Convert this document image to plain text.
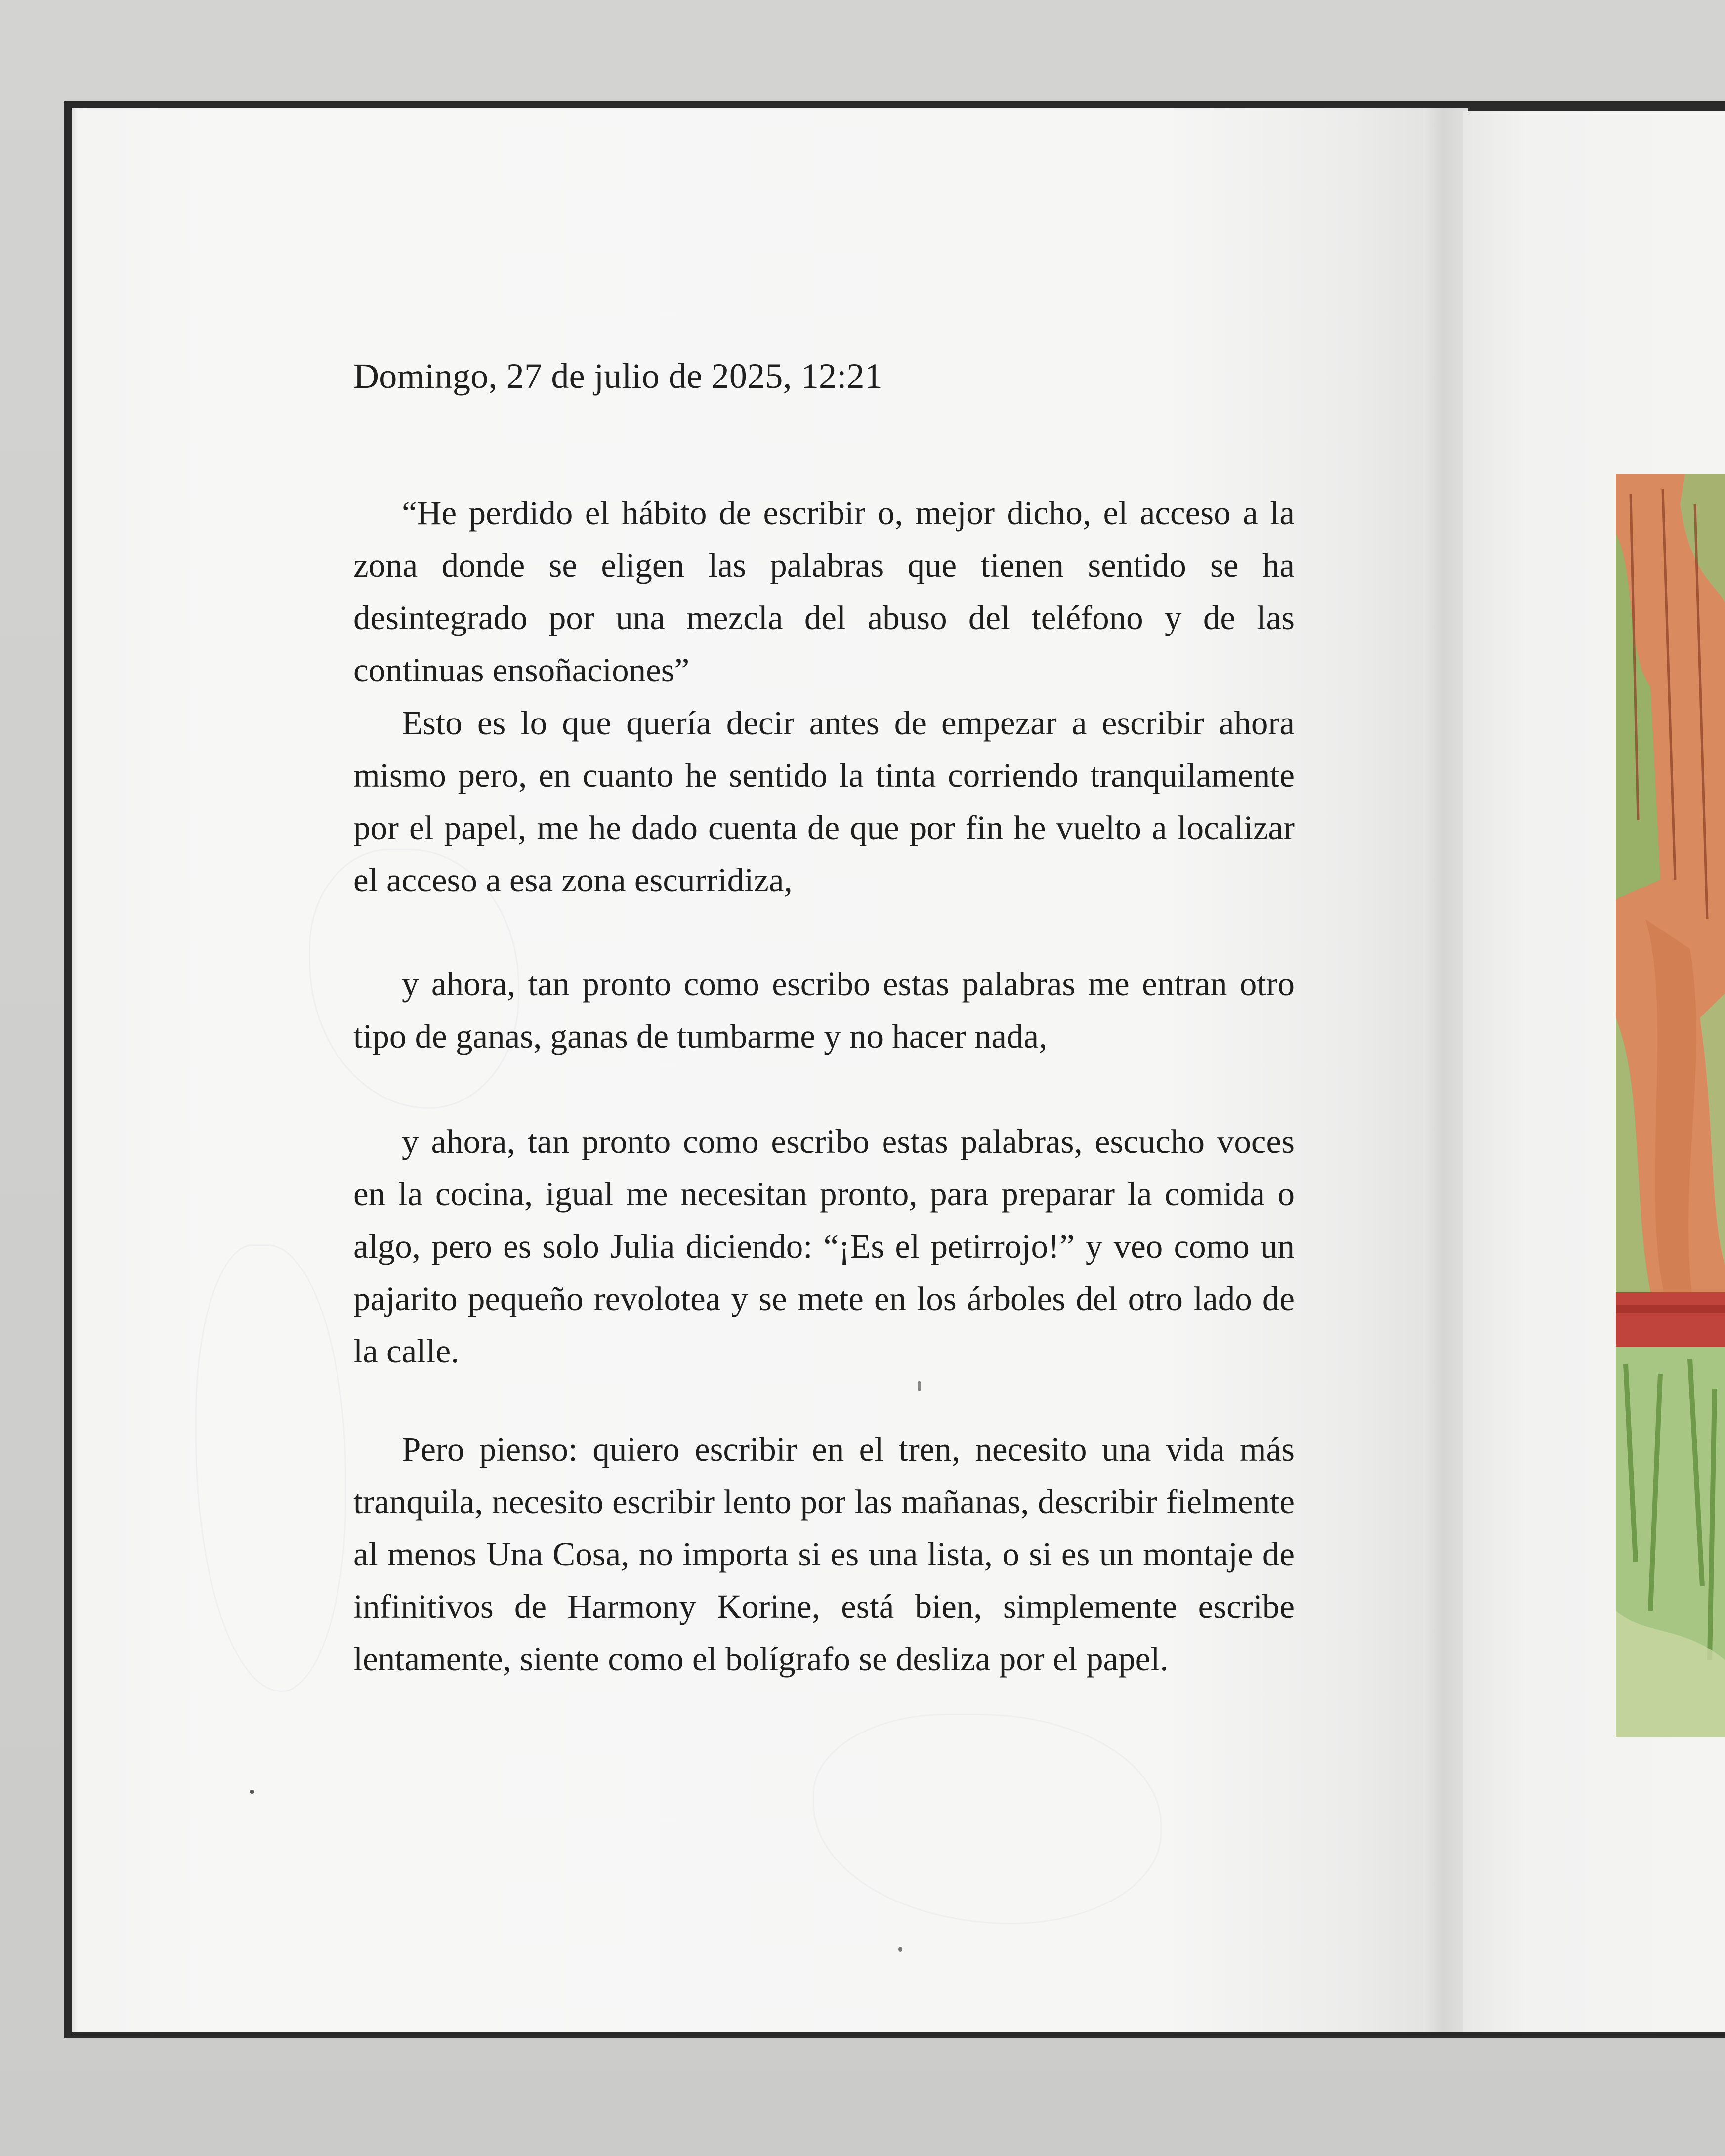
Domingo, 27 de julio de 2025, 12:21

“He perdido el hábito de escribir o, mejor dicho, el acceso a la zona donde se eligen las palabras que tienen sentido se ha desintegrado por una mezcla del abuso del teléfono y de las continuas ensoñaciones”

Esto es lo que quería decir antes de empezar a escribir ahora mismo pero, en cuanto he sentido la tinta corriendo tranquilamente por el papel, me he dado cuenta de que por fin he vuelto a localizar el acceso a esa zona escurridiza,

y ahora, tan pronto como escribo estas palabras me entran otro tipo de ganas, ganas de tumbarme y no hacer nada,

y ahora, tan pronto como escribo estas palabras, escucho voces en la cocina, igual me necesitan pronto, para preparar la comida o algo, pero es solo Julia diciendo: “¡Es el petirrojo!” y veo como un pajarito pequeño revolotea y se mete en los árboles del otro lado de la calle.

Pero pienso: quiero escribir en el tren, necesito una vida más tranquila, necesito escribir lento por las mañanas, describir fielmente al menos Una Cosa, no importa si es una lista, o si es un montaje de infinitivos de Harmony Korine, está bien, simplemente escribe lentamente, siente como el bolígrafo se desliza por el papel.
